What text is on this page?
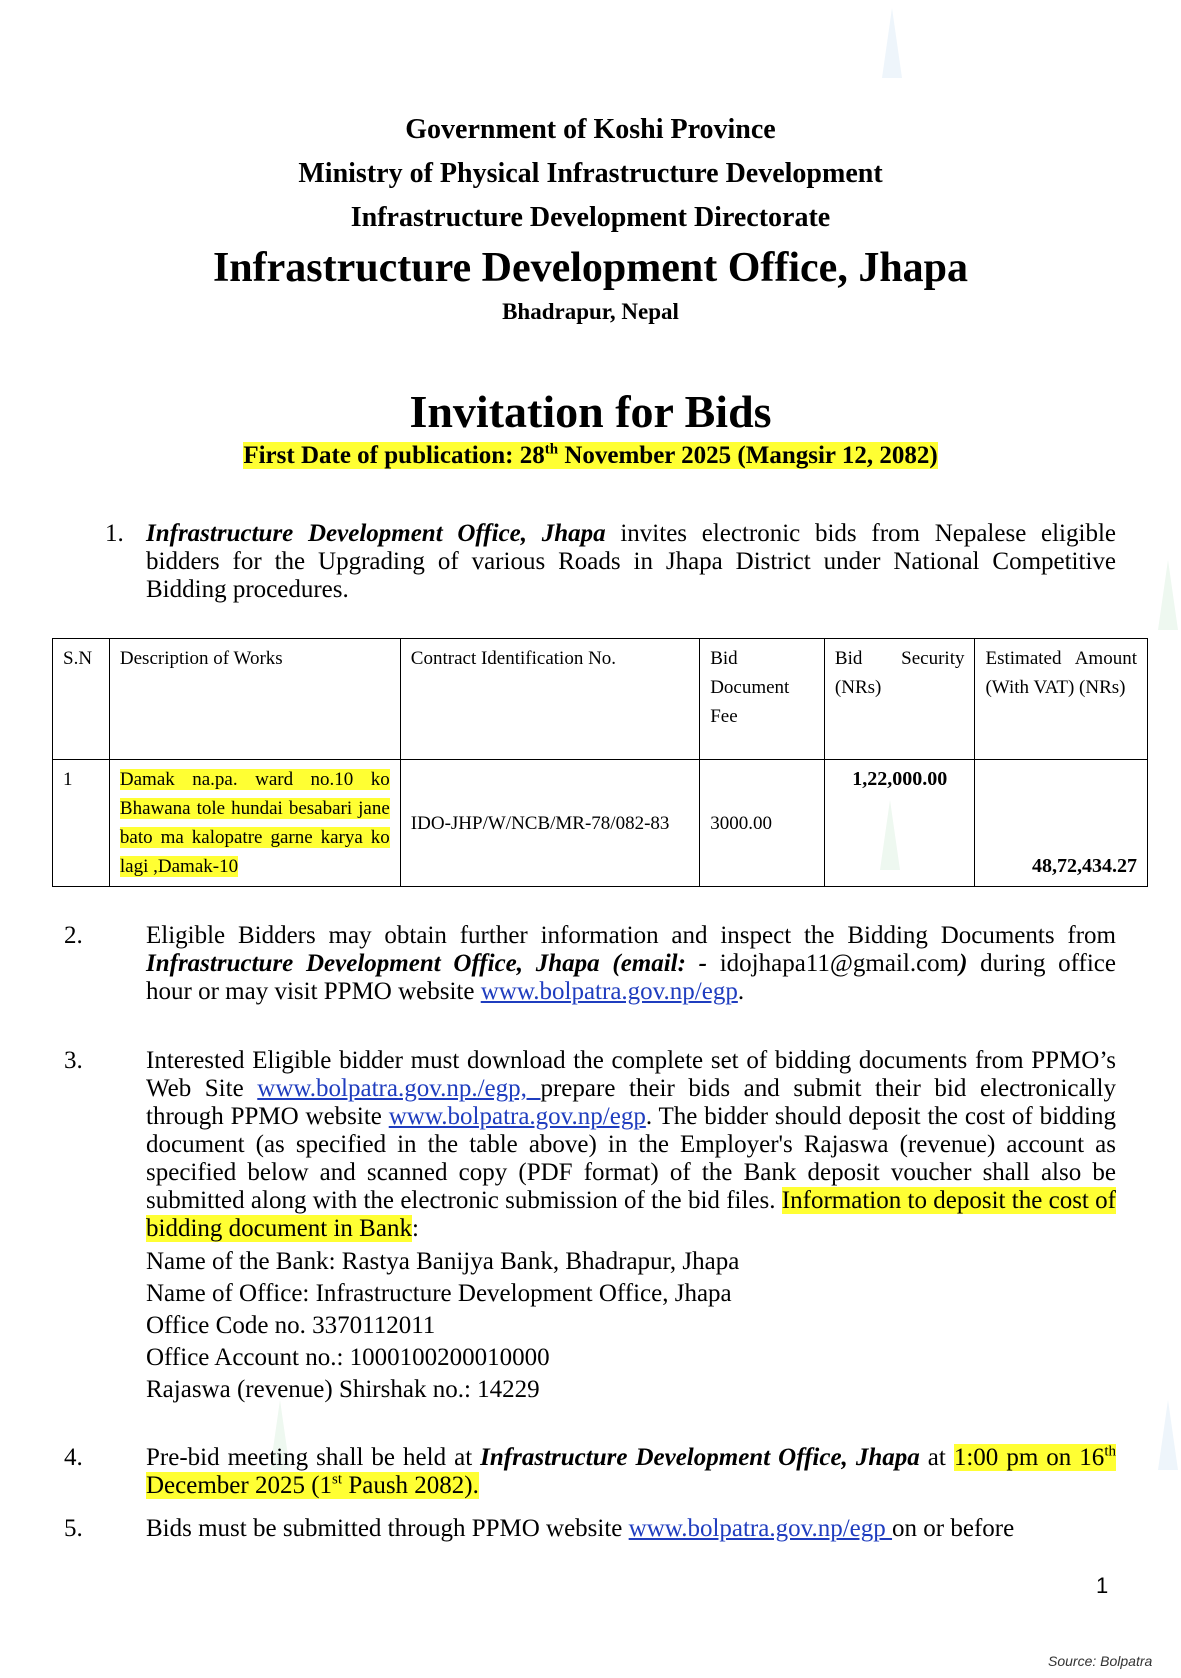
Government of Koshi Province
Ministry of Physical Infrastructure Development
Infrastructure Development Directorate
Infrastructure Development Office, Jhapa
Bhadrapur, Nepal
Invitation for Bids
First Date of publication: 28th November 2025 (Mangsir 12, 2082)
1. Infrastructure Development Office, Jhapa invites electronic bids from Nepalese eligible bidders for the Upgrading of various Roads in Jhapa District under National Competitive Bidding procedures.
S.N	Description of Works	Contract Identification No.	Bid Document Fee	Bid Security (NRs)	Estimated Amount (With VAT) (NRs)
1	Damak na.pa. ward no.10 ko Bhawana tole hundai besabari jane bato ma kalopatre garne karya ko lagi ,Damak-10	IDO-JHP/W/NCB/MR-78/082-83	3000.00	1,22,000.00	48,72,434.27
2.	Eligible Bidders may obtain further information and inspect the Bidding Documents from Infrastructure Development Office, Jhapa (email: - idojhapa11@gmail.com) during office hour or may visit PPMO website www.bolpatra.gov.np/egp.
3.	Interested Eligible bidder must download the complete set of bidding documents from PPMO’s Web Site www.bolpatra.gov.np./egp, prepare their bids and submit their bid electronically through PPMO website www.bolpatra.gov.np/egp. The bidder should deposit the cost of bidding document (as specified in the table above) in the Employer's Rajaswa (revenue) account as specified below and scanned copy (PDF format) of the Bank deposit voucher shall also be submitted along with the electronic submission of the bid files. Information to deposit the cost of bidding document in Bank:
Name of the Bank: Rastya Banijya Bank, Bhadrapur, Jhapa
Name of Office: Infrastructure Development Office, Jhapa
Office Code no. 3370112011
Office Account no.: 1000100200010000
Rajaswa (revenue) Shirshak no.: 14229
4.	Pre-bid meeting shall be held at Infrastructure Development Office, Jhapa at 1:00 pm on 16th December 2025 (1st Paush 2082).
5.	Bids must be submitted through PPMO website www.bolpatra.gov.np/egp on or before
1
Source: Bolpatra
